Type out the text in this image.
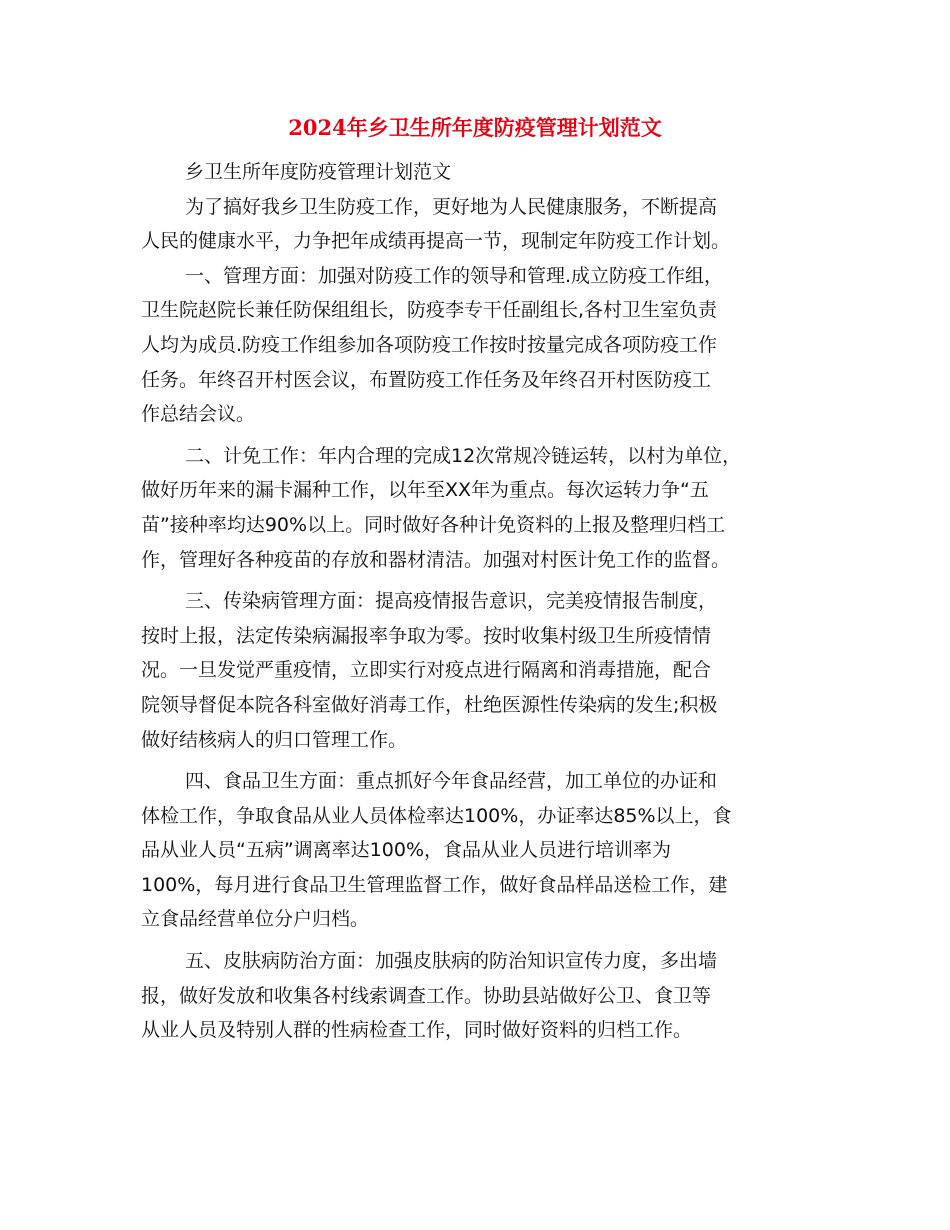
2024年乡卫生所年度防疫管理计划范文

乡卫生所年度防疫管理计划范文

为了搞好我乡卫生防疫工作，更好地为人民健康服务，不断提高

人民的健康水平，力争把年成绩再提高一节，现制定年防疫工作计划。

一、管理方面：加强对防疫工作的领导和管理.成立防疫工作组，

卫生院赵院长兼任防保组组长，防疫李专干任副组长,各村卫生室负责

人均为成员.防疫工作组参加各项防疫工作按时按量完成各项防疫工作

任务。年终召开村医会议，布置防疫工作任务及年终召开村医防疫工

作总结会议。

二、计免工作：年内合理的完成12次常规冷链运转，以村为单位，

做好历年来的漏卡漏种工作，以年至XX年为重点。每次运转力争“五

苗”接种率均达90%以上。同时做好各种计免资料的上报及整理归档工

作，管理好各种疫苗的存放和器材清洁。加强对村医计免工作的监督。

三、传染病管理方面：提高疫情报告意识，完美疫情报告制度，

按时上报，法定传染病漏报率争取为零。按时收集村级卫生所疫情情

况。一旦发觉严重疫情，立即实行对疫点进行隔离和消毒措施，配合

院领导督促本院各科室做好消毒工作，杜绝医源性传染病的发生;积极

做好结核病人的归口管理工作。

四、食品卫生方面：重点抓好今年食品经营，加工单位的办证和

体检工作，争取食品从业人员体检率达100%，办证率达85%以上，食

品从业人员“五病”调离率达100%，食品从业人员进行培训率为

100%，每月进行食品卫生管理监督工作，做好食品样品送检工作，建

立食品经营单位分户归档。

五、皮肤病防治方面：加强皮肤病的防治知识宣传力度，多出墙

报，做好发放和收集各村线索调查工作。协助县站做好公卫、食卫等

从业人员及特别人群的性病检查工作，同时做好资料的归档工作。
